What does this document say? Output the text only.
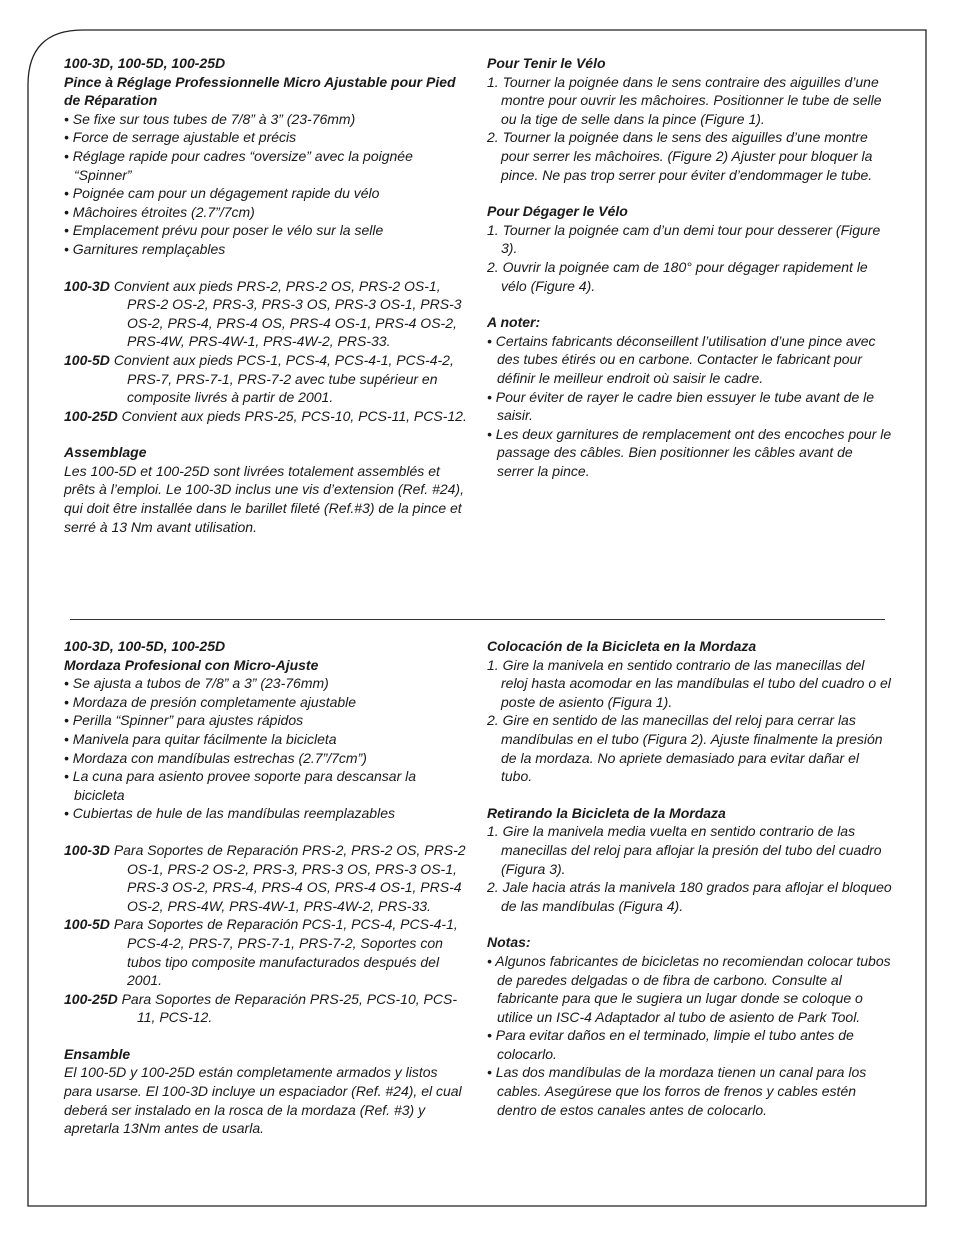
100-3D, 100-5D, 100-25D

Pince à Réglage Professionnelle Micro Ajustable pour Pied de Réparation

• Se fixe sur tous tubes de 7/8” à 3” (23-76mm)

• Force de serrage ajustable et précis

• Réglage rapide pour cadres “oversize” avec la poignée “Spinner”

• Poignée cam pour un dégagement rapide du vélo

• Mâchoires étroites (2.7”/7cm)

• Emplacement prévu pour poser le vélo sur la selle

• Garnitures remplaçables

100-3D Convient aux pieds PRS-2, PRS-2 OS, PRS-2 OS-1, PRS-2 OS-2, PRS-3, PRS-3 OS, PRS-3 OS-1, PRS-3 OS-2, PRS-4, PRS-4 OS, PRS-4 OS-1, PRS-4 OS-2, PRS-4W, PRS-4W-1, PRS-4W-2, PRS-33.

100-5D Convient aux pieds PCS-1, PCS-4, PCS-4-1, PCS-4-2, PRS-7, PRS-7-1, PRS-7-2 avec tube supérieur en composite livrés à partir de 2001.

100-25D Convient aux pieds PRS-25, PCS-10, PCS-11, PCS-12.

Assemblage

Les 100-5D et 100-25D sont livrées totalement assemblés et prêts à l’emploi. Le 100-3D inclus une vis d’extension (Ref. #24), qui doit être installée dans le barillet fileté (Ref.#3) de la pince et serré à 13 Nm avant utilisation.

Pour Tenir le Vélo

1. Tourner la poignée dans le sens contraire des aiguilles d’une montre pour ouvrir les mâchoires. Positionner le tube de selle ou la tige de selle dans la pince (Figure 1).

2. Tourner la poignée dans le sens des aiguilles d’une montre pour serrer les mâchoires. (Figure 2) Ajuster pour bloquer la pince. Ne pas trop serrer pour éviter d’endommager le tube.

Pour Dégager le Vélo

1. Tourner la poignée cam d’un demi tour pour desserer (Figure 3).

2. Ouvrir la poignée cam de 180° pour dégager rapidement le vélo (Figure 4).

A noter:

• Certains fabricants déconseillent l’utilisation d’une pince avec des tubes étirés ou en carbone. Contacter le fabricant pour définir le meilleur endroit où saisir le cadre.

• Pour éviter de rayer le cadre bien essuyer le tube avant de le saisir.

• Les deux garnitures de remplacement ont des encoches pour le passage des câbles. Bien positionner les câbles avant de serrer la pince.

100-3D, 100-5D, 100-25D

Mordaza Profesional con Micro-Ajuste

• Se ajusta a tubos de 7/8” a 3” (23-76mm)

• Mordaza de presión completamente ajustable

• Perilla “Spinner” para ajustes rápidos

• Manivela para quitar fácilmente la bicicleta

• Mordaza con mandíbulas estrechas (2.7”/7cm”)

• La cuna para asiento provee soporte para descansar la bicicleta

• Cubiertas de hule de las mandíbulas reemplazables

100-3D Para Soportes de Reparación PRS-2, PRS-2 OS, PRS-2 OS-1, PRS-2 OS-2, PRS-3, PRS-3 OS, PRS-3 OS-1, PRS-3 OS-2, PRS-4, PRS-4 OS, PRS-4 OS-1, PRS-4 OS-2, PRS-4W, PRS-4W-1, PRS-4W-2, PRS-33.

100-5D Para Soportes de Reparación PCS-1, PCS-4, PCS-4-1, PCS-4-2, PRS-7, PRS-7-1, PRS-7-2, Soportes con tubos tipo composite manufacturados después del 2001.

100-25D Para Soportes de Reparación PRS-25, PCS-10, PCS-11, PCS-12.

Ensamble

El 100-5D y 100-25D están completamente armados y listos para usarse. El 100-3D incluye un espaciador (Ref. #24), el cual deberá ser instalado en la rosca de la mordaza (Ref. #3) y apretarla 13Nm antes de usarla.

Colocación de la Bicicleta en la Mordaza

1. Gire la manivela en sentido contrario de las manecillas del reloj hasta acomodar en las mandíbulas el tubo del cuadro o el poste de asiento (Figura 1).

2. Gire en sentido de las manecillas del reloj para cerrar las mandíbulas en el tubo (Figura 2). Ajuste finalmente la presión de la mordaza. No apriete demasiado para evitar dañar el tubo.

Retirando la Bicicleta de la Mordaza

1. Gire la manivela media vuelta en sentido contrario de las manecillas del reloj para aflojar la presión del tubo del cuadro (Figura 3).

2. Jale hacia atrás la manivela 180 grados para aflojar el bloqueo de las mandíbulas (Figura 4).

Notas:

• Algunos fabricantes de bicicletas no recomiendan colocar tubos de paredes delgadas o de fibra de carbono. Consulte al fabricante para que le sugiera un lugar donde se coloque o utilice un ISC-4 Adaptador al tubo de asiento de Park Tool.

• Para evitar daños en el terminado, limpie el tubo antes de colocarlo.

• Las dos mandíbulas de la mordaza tienen un canal para los cables. Asegúrese que los forros de frenos y cables estén dentro de estos canales antes de colocarlo.
